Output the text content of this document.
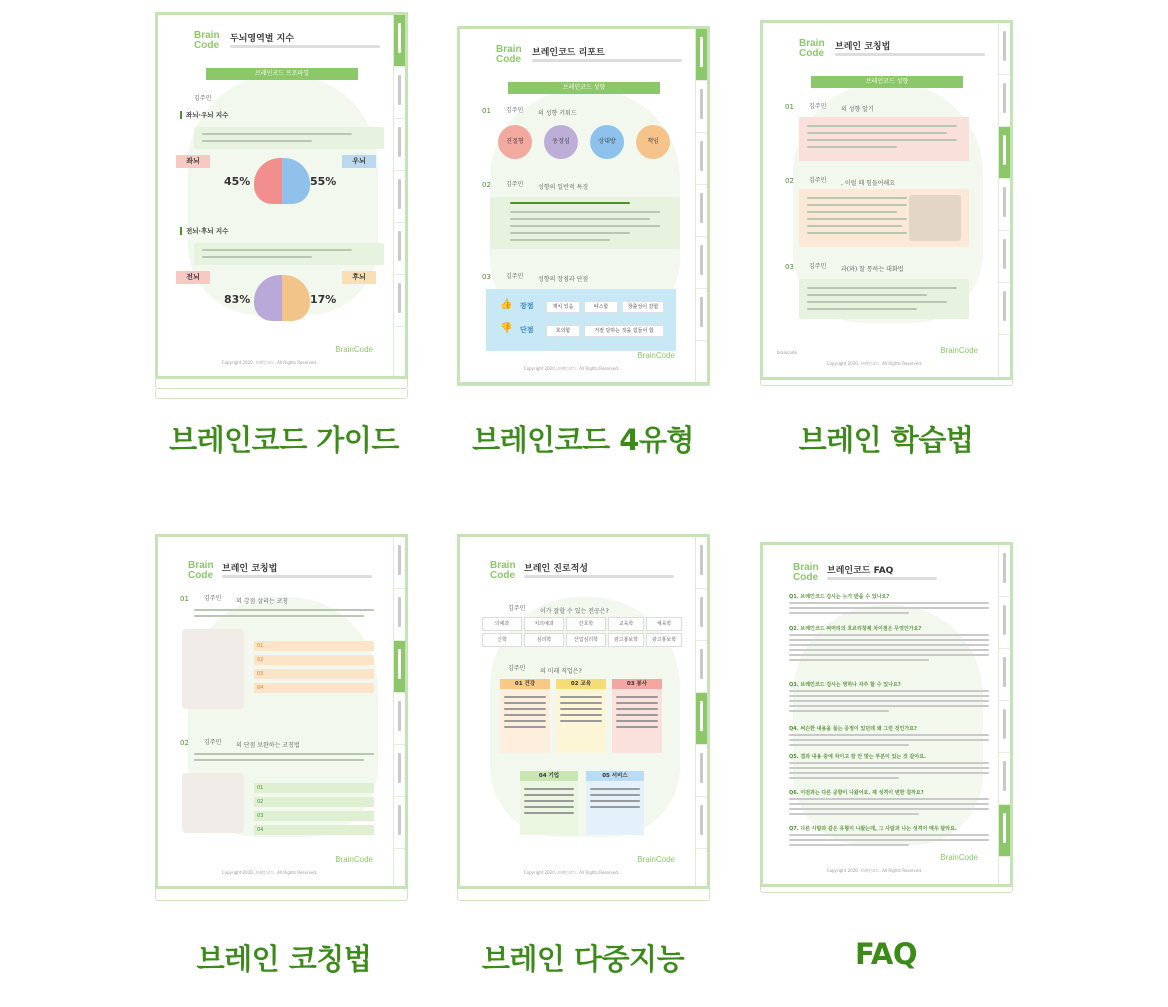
Brain
Code
두뇌영역별 지수
브레인코드 프로파일
김주민
좌뇌·우뇌 지수
좌뇌	우뇌
45%	55%
전뇌·후뇌 지수
전뇌	후뇌
83%	17%
BrainCode
Copyright 2020. 브레인코드. All Rights Reserved.
브레인코드 가이드
Brain
Code
브레인코드 리포트
브레인코드 성향
01	김주민 의 성향 키워드
진절형	동정심	상대방	책임
02	김주민 성향의 일반적 특징
03	김주민 성향의 장점과 단점
👍 장점	재치 있음	따스함	창출성이 강함
👎 단점	호의함	거절 당하는 것을 힘들어 함
BrainCode
Copyright 2020. 브레인코드. All Rights Reserved.
브레인코드 4유형
Brain
Code
브레인 코칭법
브레인코드 성향
01	김주민 의 성향 알기
02	김주민 , 이럴 때 힘들어해요
03	김주민 과(와) 잘 통하는 대화법
BrainCode
braincode
Copyright 2020. 브레인코드. All Rights Reserved.
브레인 학습법
Brain
Code
브레인 코칭법
01	김주민 의 강점 살리는 코칭
01
02
03
04
02	김주민 의 단점 보완하는 코칭법
01
02
03
04
BrainCode
Copyright 2020. 브레인코드. All Rights Reserved.
브레인 코칭법
Brain
Code
브레인 진로적성
김주민 이가 잘할 수 있는 전공은?
의예과	치의예과	간호학	교육학	체육학
신학	심리학	산업심리학	광고홍보학	광고홍보학
김주민 의 미래 직업은?
01 건강	02 교육	03 봉사
04 기업	05 서비스
BrainCode
Copyright 2020. 브레인코드. All Rights Reserved.
브레인 다중지능
Brain
Code
브레인코드 FAQ
Q1. 브레인코드 검사는 누가 받을 수 있나요?
Q2. 브레인코드 써머리의 흐르리칭제 차이점은 무엇인가요?
Q3. 브레인코드 검사는 명하나 자주 할 수 있나요?
Q4. 써슨한 내용을 둘는 공정이 있던데 왜 그런 것인가요?
Q5. 결과 내용 중에 차이고 잘 안 맞는 부분이 있는 것 같아요.
Q6. 이전과는 다른 공향이 나왔어요. 제 성격이 변한 걸까요?
Q7. 다른 사람과 같은 유형이 나왔는데, 그 사람과 나는 성격이 매우 달라요.
BrainCode
Copyright 2020. 브레인코드. All Rights Reserved.
FAQ
